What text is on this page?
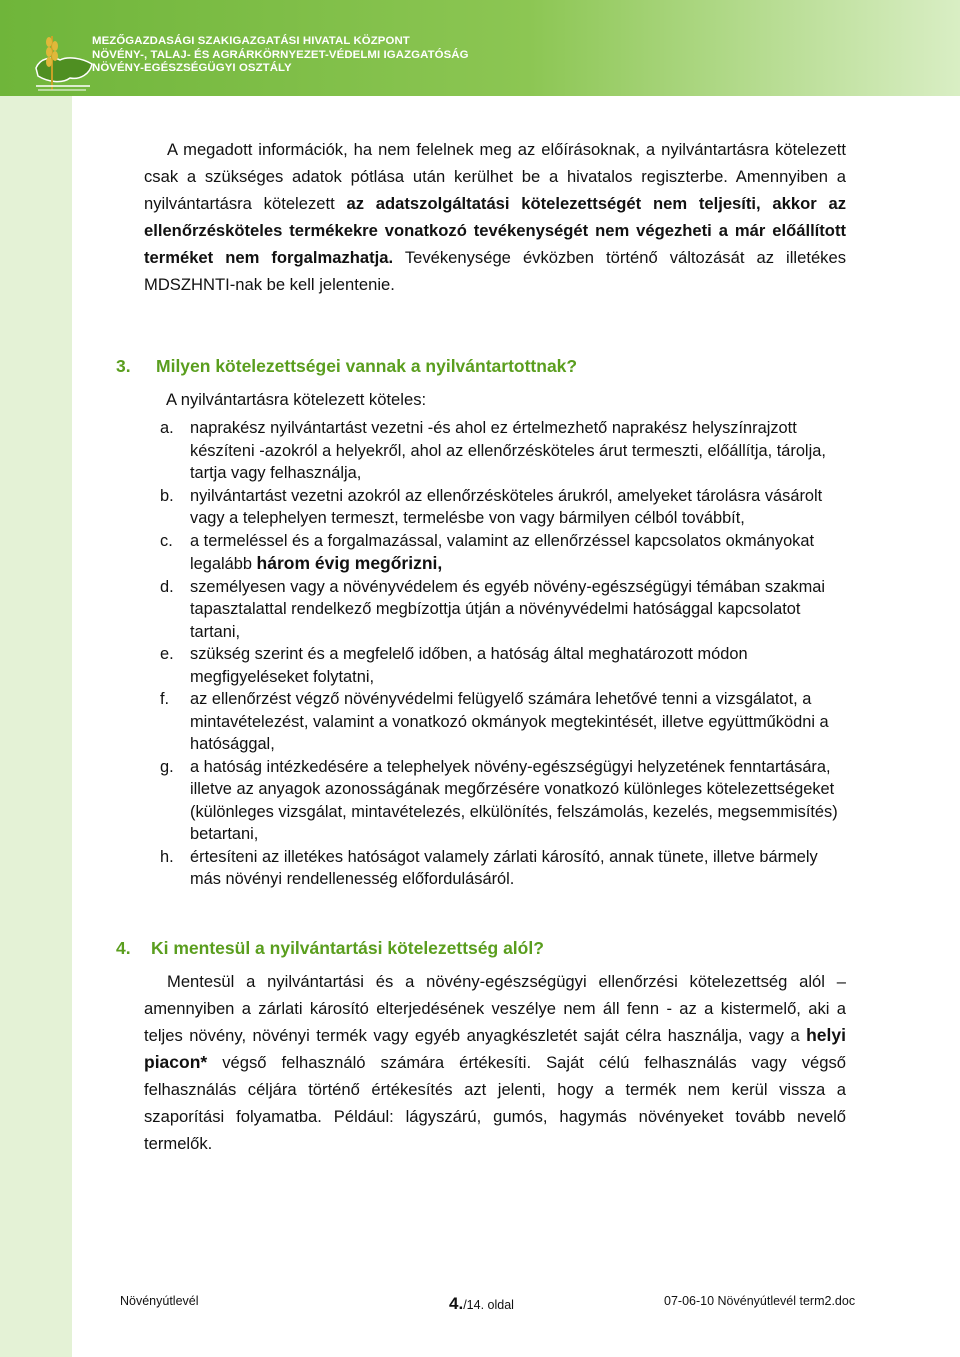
MEZŐGAZDASÁGI SZAKIGAZGATÁSI HIVATAL KÖZPONT
NÖVÉNY-, TALAJ- ÉS AGRÁRKÖRNYEZET-VÉDELMI IGAZGATÓSÁG
NÖVÉNY-EGÉSZSÉGÜGYI OSZTÁLY

A megadott információk, ha nem felelnek meg az előírásoknak, a nyilvántartásra kötelezett csak a szükséges adatok pótlása után kerülhet be a hivatalos regiszterbe. Amennyiben a nyilvántartásra kötelezett az adatszolgáltatási kötelezettségét nem teljesíti, akkor az ellenőrzésköteles termékekre vonatkozó tevékenységét nem végezheti a már előállított terméket nem forgalmazhatja. Tevékenysége évközben történő változását az illetékes MDSZHNTI-nak be kell jelentenie.

3. Milyen kötelezettségei vannak a nyilvántartottnak?
A nyilvántartásra kötelezett köteles:
a. naprakész nyilvántartást vezetni -és ahol ez értelmezhető naprakész helyszínrajzott készíteni -azokról a helyekről, ahol az ellenőrzésköteles árut termeszti, előállítja, tárolja, tartja vagy felhasználja,
b. nyilvántartást vezetni azokról az ellenőrzésköteles árukról, amelyeket tárolásra vásárolt vagy a telephelyen termeszt, termelésbe von vagy bármilyen célból továbbít,
c. a termeléssel és a forgalmazással, valamint az ellenőrzéssel kapcsolatos okmányokat legalább három évig megőrizni,
d. személyesen vagy a növényvédelem és egyéb növény-egészségügyi témában szakmai tapasztalattal rendelkező megbízottja útján a növényvédelmi hatósággal kapcsolatot tartani,
e. szükség szerint és a megfelelő időben, a hatóság által meghatározott módon megfigyeléseket folytatni,
f. az ellenőrzést végző növényvédelmi felügyelő számára lehetővé tenni a vizsgálatot, a mintavételezést, valamint a vonatkozó okmányok megtekintését, illetve együttműködni a hatósággal,
g. a hatóság intézkedésére a telephelyek növény-egészségügyi helyzetének fenntartására, illetve az anyagok azonosságának megőrzésére vonatkozó különleges kötelezettségeket (különleges vizsgálat, mintavételezés, elkülönítés, felszámolás, kezelés, megsemmisítés) betartani,
h. értesíteni az illetékes hatóságot valamely zárlati károsító, annak tünete, illetve bármely más növényi rendellenesség előfordulásáról.
4. Ki mentesül a nyilvántartási kötelezettség alól?

Mentesül a nyilvántartási és a növény-egészségügyi ellenőrzési kötelezettség alól – amennyiben a zárlati károsító elterjedésének veszélye nem áll fenn - az a kistermelő, aki a teljes növény, növényi termék vagy egyéb anyagkészletét saját célra használja, vagy a helyi piacon* végső felhasználó számára értékesíti. Saját célú felhasználás vagy végső felhasználás céljára történő értékesítés azt jelenti, hogy a termék nem kerül vissza a szaporítási folyamatba. Például: lágyszárú, gumós, hagymás növényeket tovább nevelő termelők.

Növényútlevél	4./14. oldal	07-06-10 Növényútlevél term2.doc
